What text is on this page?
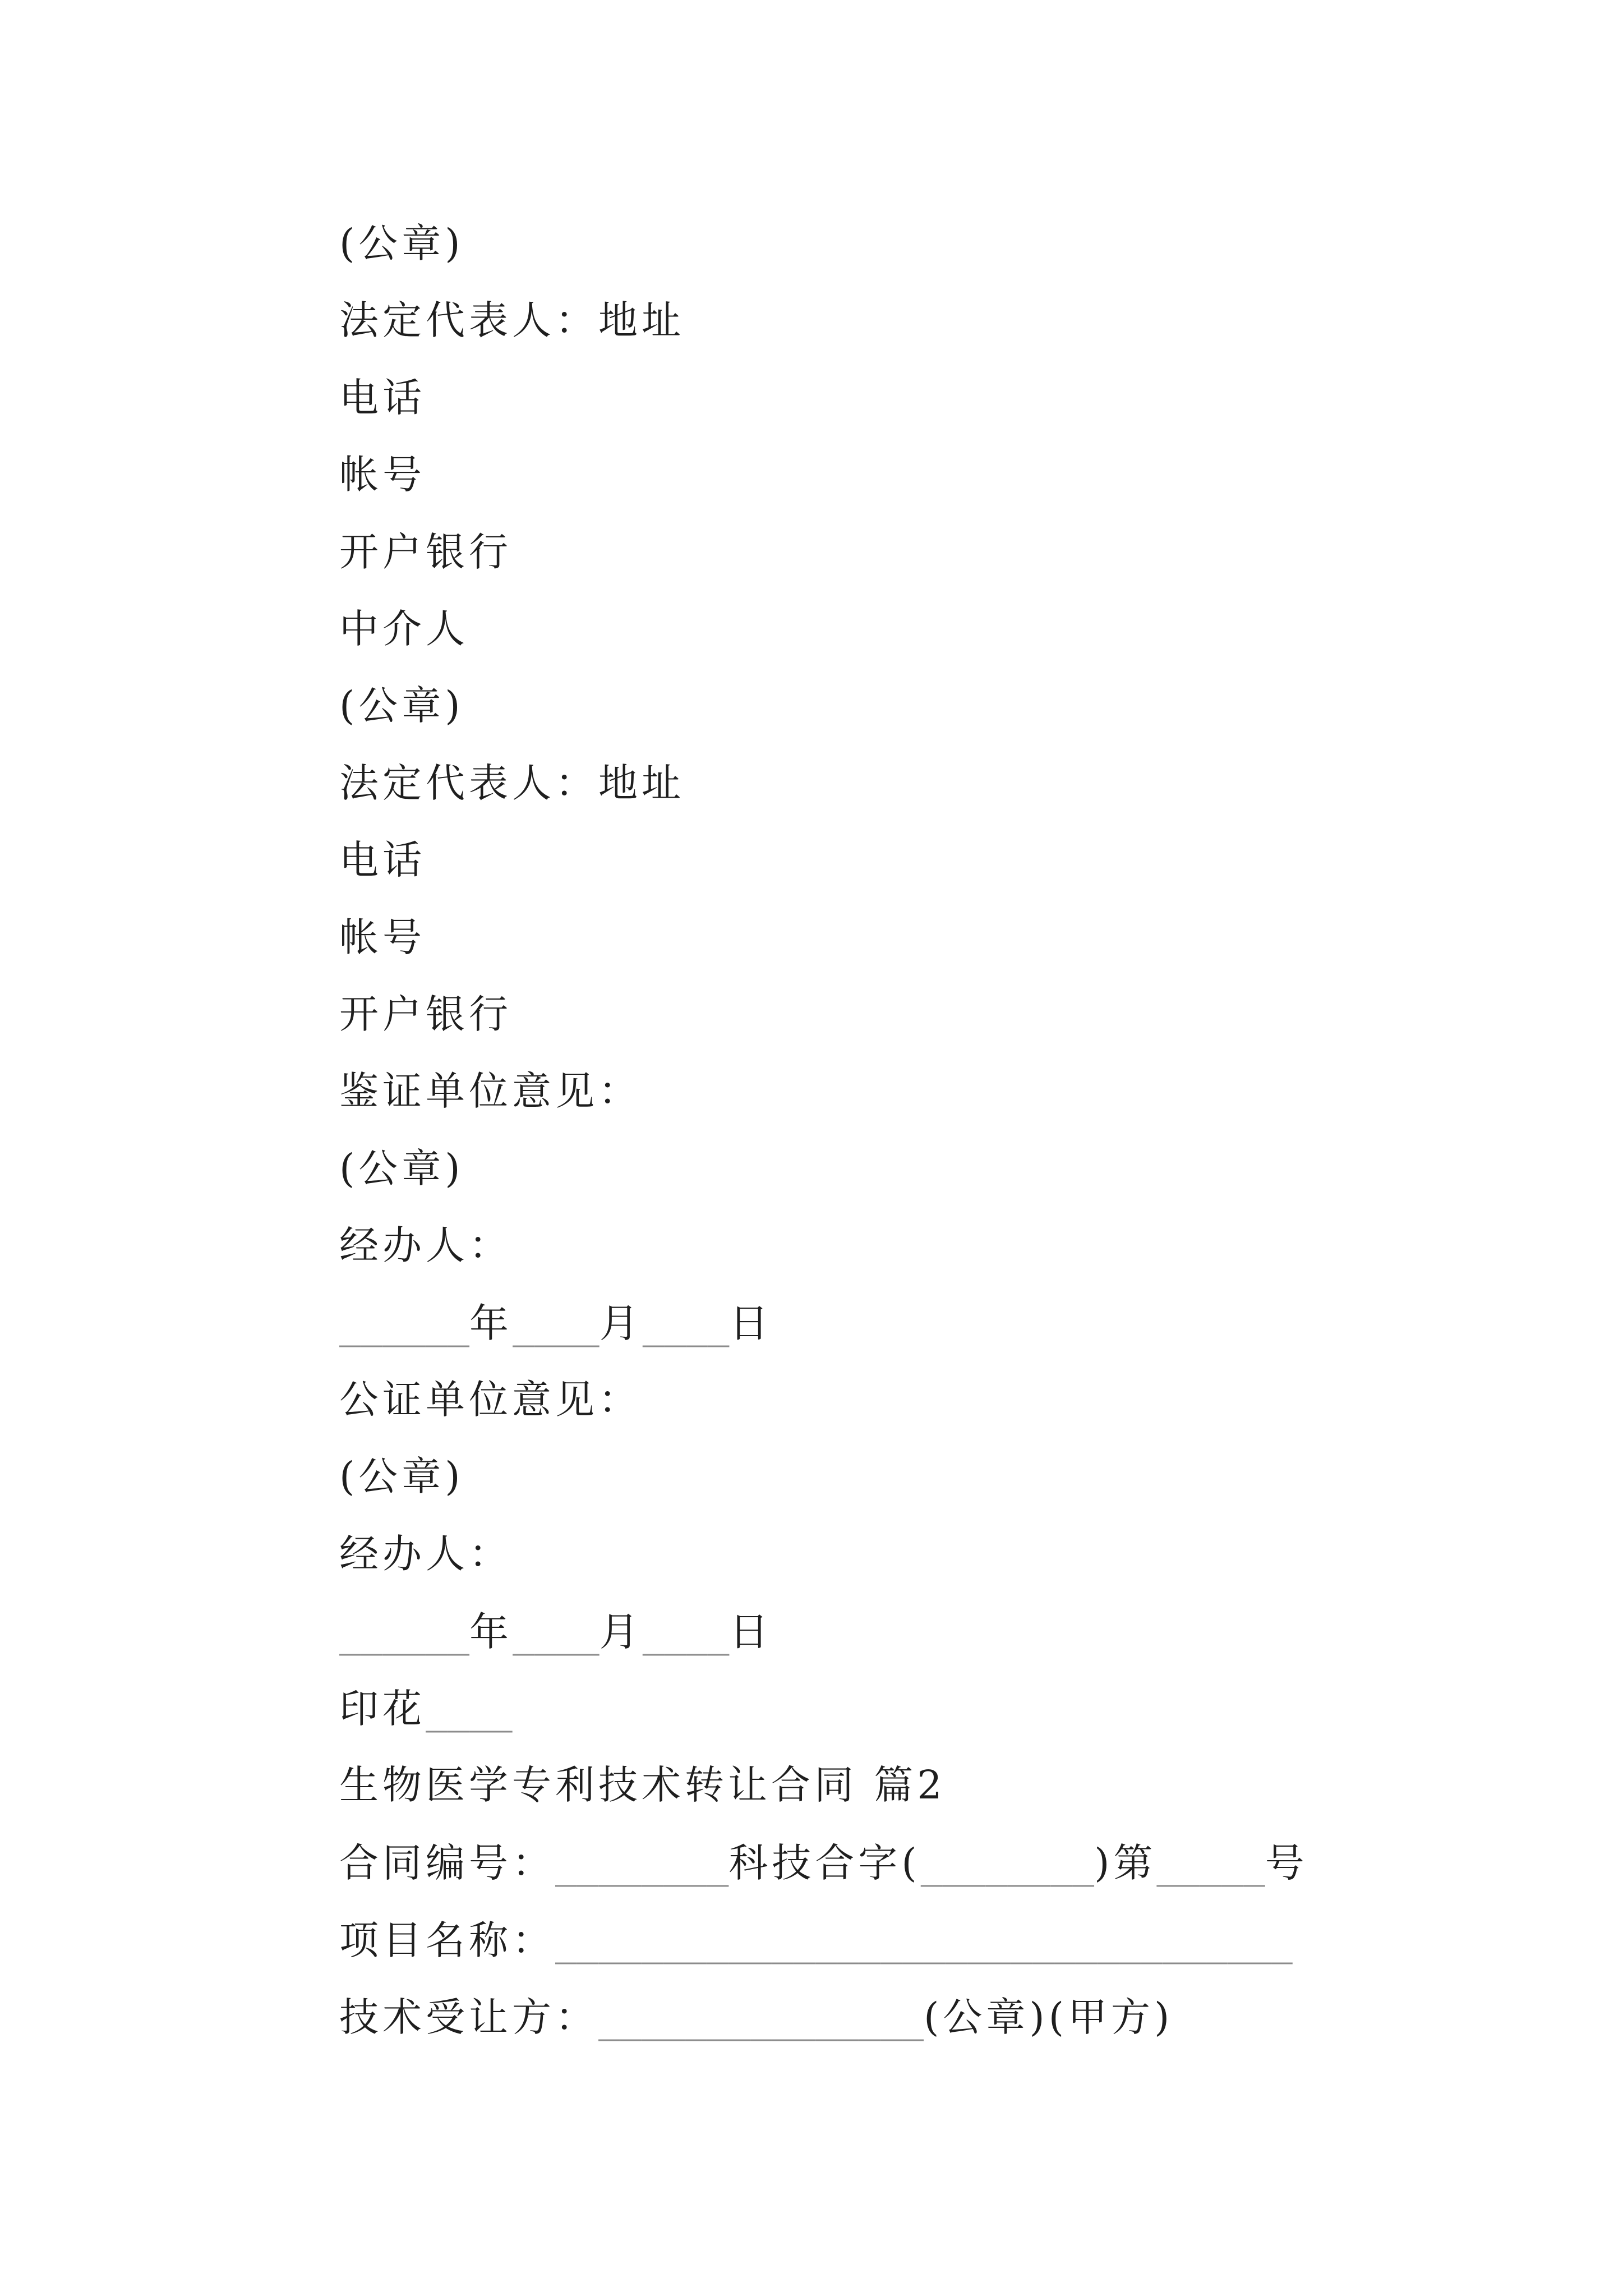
(公章)
法定代表人：地址
电话
帐号
开户银行
中介人
(公章)
法定代表人：地址
电话
帐号
开户银行
鉴证单位意见：
(公章)
经办人：
______年____月____日
公证单位意见：
(公章)
经办人：
______年____月____日
印花____
生物医学专利技术转让合同 篇2
合同编号：________科技合字(________)第_____号
项目名称：__________________________________
技术受让方：_______________(公章)(甲方)
